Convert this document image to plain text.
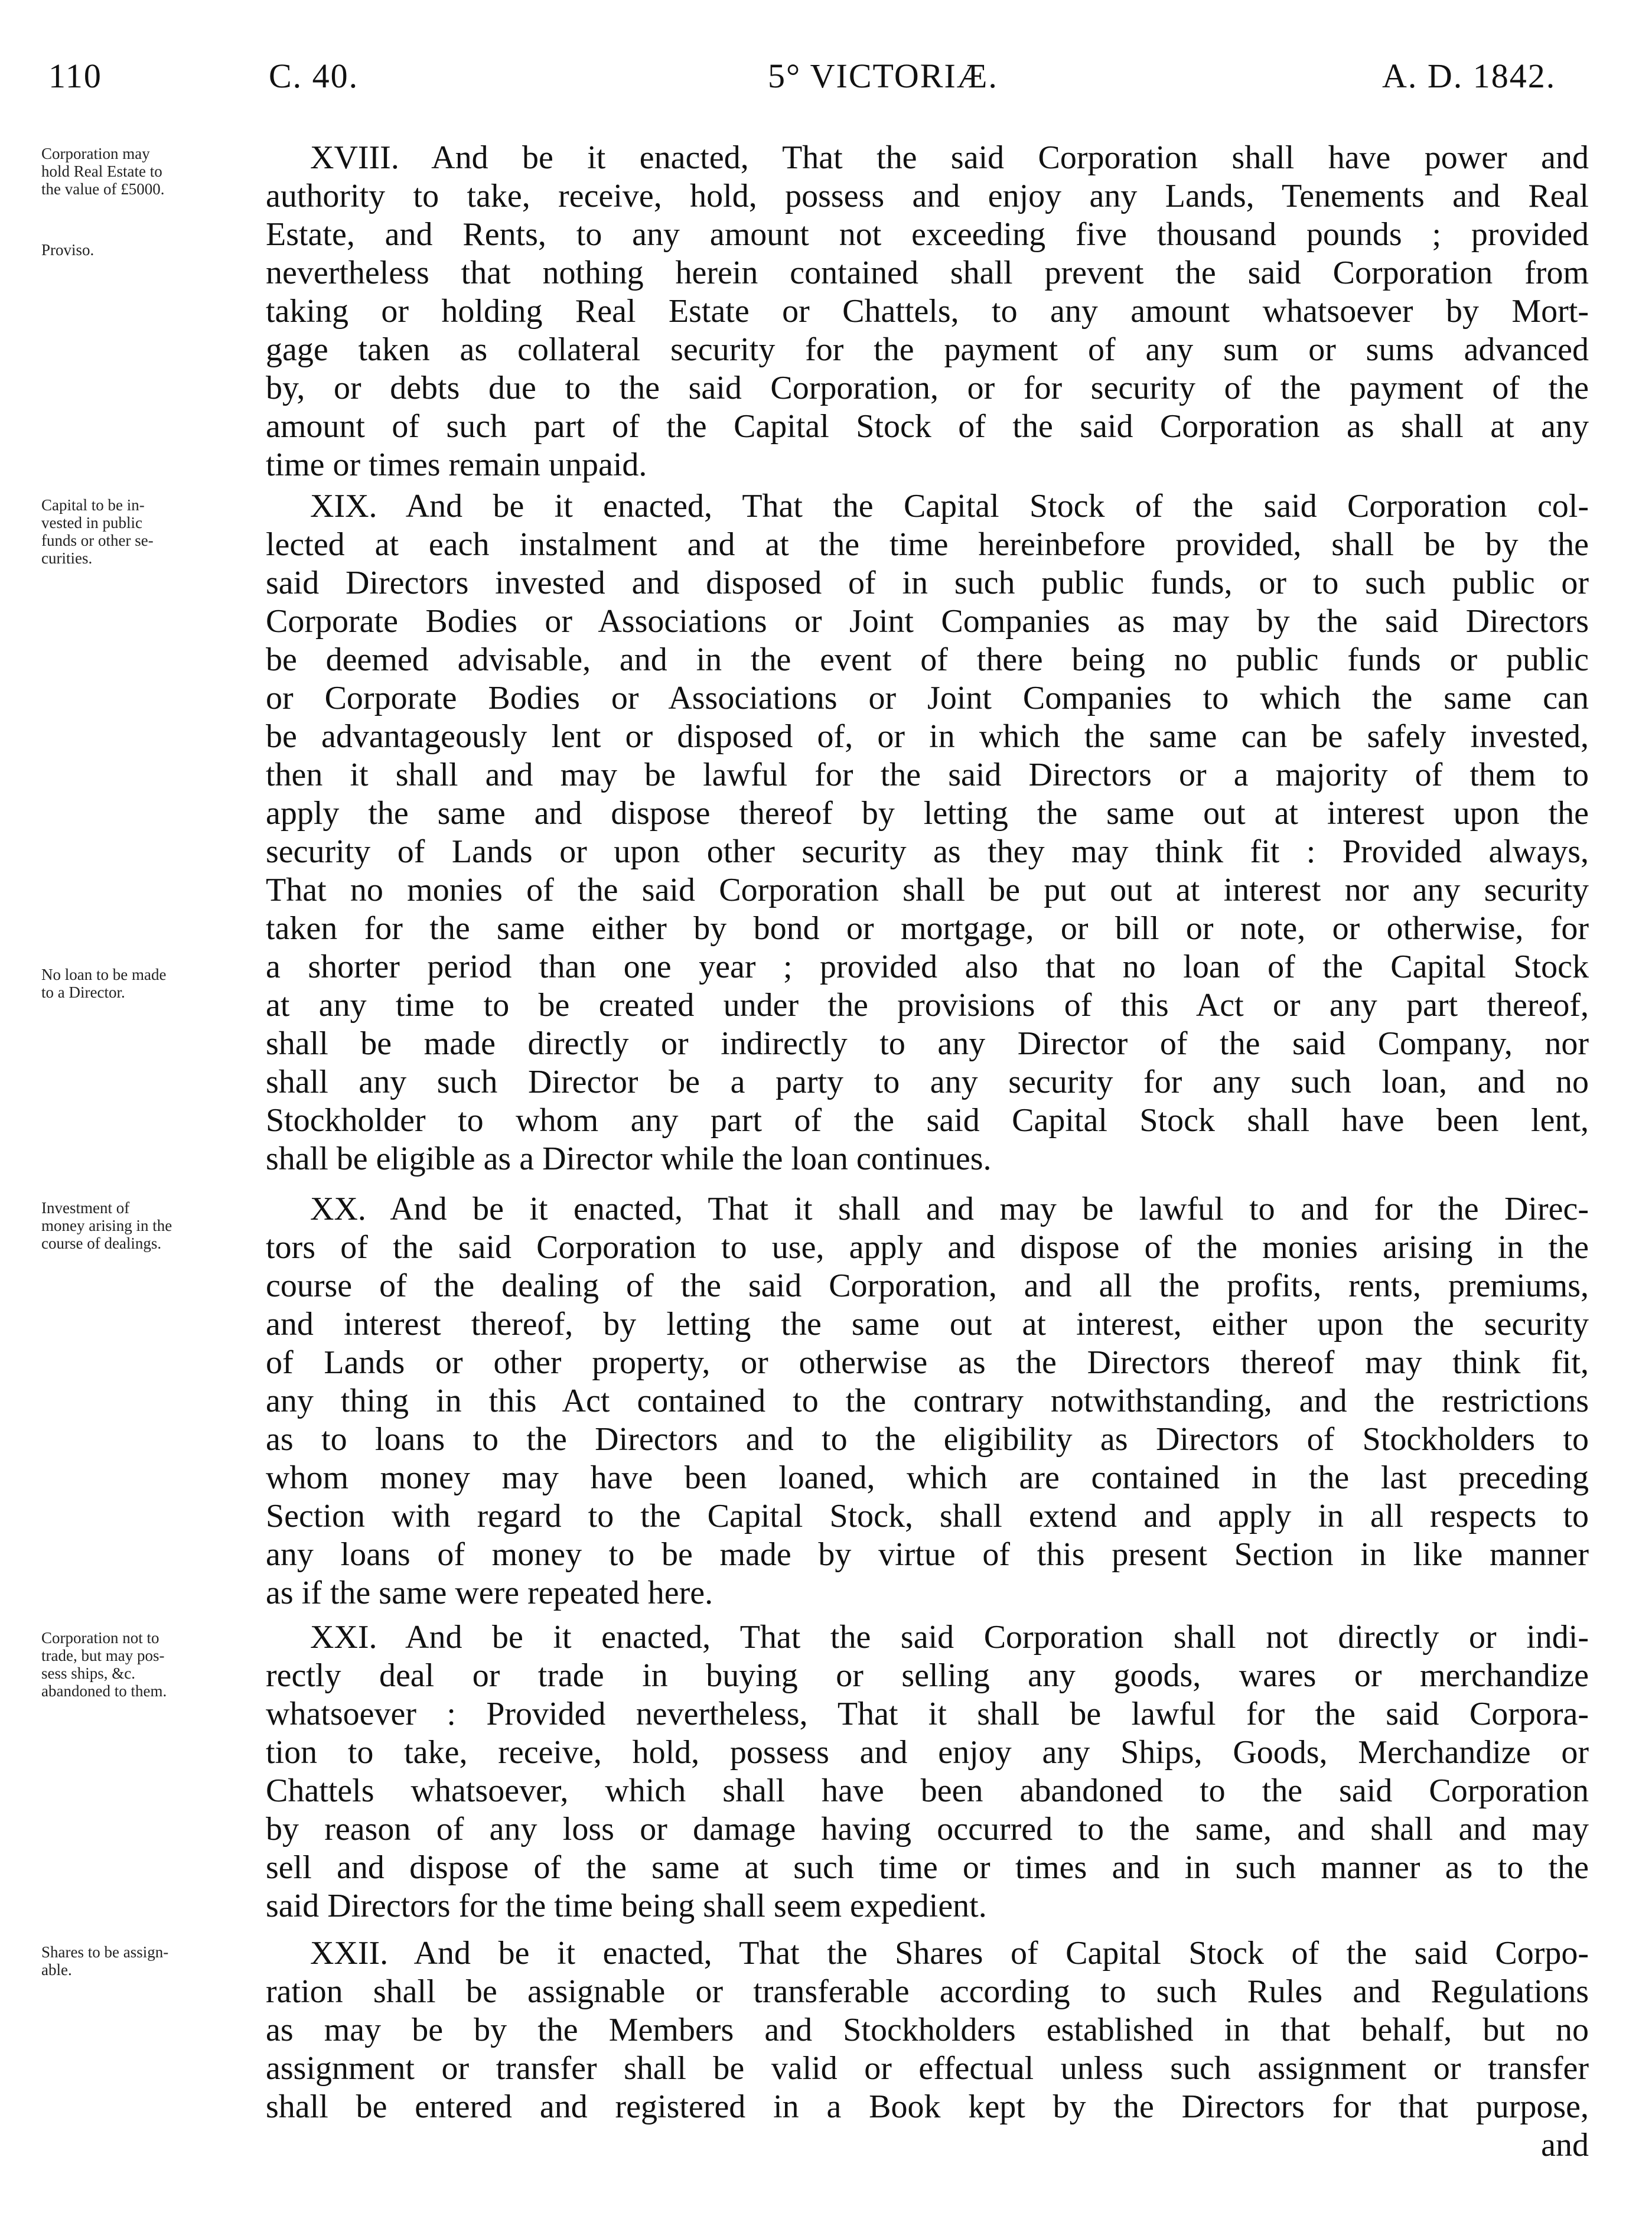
110	C. 40.	5° VICTORIÆ.	A. D. 1842.
Corporation may
hold Real Estate to
the value of £5000.
Proviso.
Capital to be in-
vested in public
funds or other se-
curities.
No loan to be made
to a Director.
Investment of
money arising in the
course of dealings.
Corporation not to
trade, but may pos-
sess ships, &c.
abandoned to them.
Shares to be assign-
able.
XVIII. And be it enacted, That the said Corporation shall have power and
authority to take, receive, hold, possess and enjoy any Lands, Tenements and Real
Estate, and Rents, to any amount not exceeding five thousand pounds ; provided
nevertheless that nothing herein contained shall prevent the said Corporation from
taking or holding Real Estate or Chattels, to any amount whatsoever by Mort-
gage taken as collateral security for the payment of any sum or sums advanced
by, or debts due to the said Corporation, or for security of the payment of the
amount of such part of the Capital Stock of the said Corporation as shall at any
time or times remain unpaid.
XIX. And be it enacted, That the Capital Stock of the said Corporation col-
lected at each instalment and at the time hereinbefore provided, shall be by the
said Directors invested and disposed of in such public funds, or to such public or
Corporate Bodies or Associations or Joint Companies as may by the said Directors
be deemed advisable, and in the event of there being no public funds or public
or Corporate Bodies or Associations or Joint Companies to which the same can
be advantageously lent or disposed of, or in which the same can be safely invested,
then it shall and may be lawful for the said Directors or a majority of them to
apply the same and dispose thereof by letting the same out at interest upon the
security of Lands or upon other security as they may think fit : Provided always,
That no monies of the said Corporation shall be put out at interest nor any security
taken for the same either by bond or mortgage, or bill or note, or otherwise, for
a shorter period than one year ; provided also that no loan of the Capital Stock
at any time to be created under the provisions of this Act or any part thereof,
shall be made directly or indirectly to any Director of the said Company, nor
shall any such Director be a party to any security for any such loan, and no
Stockholder to whom any part of the said Capital Stock shall have been lent,
shall be eligible as a Director while the loan continues.
XX. And be it enacted, That it shall and may be lawful to and for the Direc-
tors of the said Corporation to use, apply and dispose of the monies arising in the
course of the dealing of the said Corporation, and all the profits, rents, premiums,
and interest thereof, by letting the same out at interest, either upon the security
of Lands or other property, or otherwise as the Directors thereof may think fit,
any thing in this Act contained to the contrary notwithstanding, and the restrictions
as to loans to the Directors and to the eligibility as Directors of Stockholders to
whom money may have been loaned, which are contained in the last preceding
Section with regard to the Capital Stock, shall extend and apply in all respects to
any loans of money to be made by virtue of this present Section in like manner
as if the same were repeated here.
XXI. And be it enacted, That the said Corporation shall not directly or indi-
rectly deal or trade in buying or selling any goods, wares or merchandize
whatsoever : Provided nevertheless, That it shall be lawful for the said Corpora-
tion to take, receive, hold, possess and enjoy any Ships, Goods, Merchandize or
Chattels whatsoever, which shall have been abandoned to the said Corporation
by reason of any loss or damage having occurred to the same, and shall and may
sell and dispose of the same at such time or times and in such manner as to the
said Directors for the time being shall seem expedient.
XXII. And be it enacted, That the Shares of Capital Stock of the said Corpo-
ration shall be assignable or transferable according to such Rules and Regulations
as may be by the Members and Stockholders established in that behalf, but no
assignment or transfer shall be valid or effectual unless such assignment or transfer
shall be entered and registered in a Book kept by the Directors for that purpose,
and
